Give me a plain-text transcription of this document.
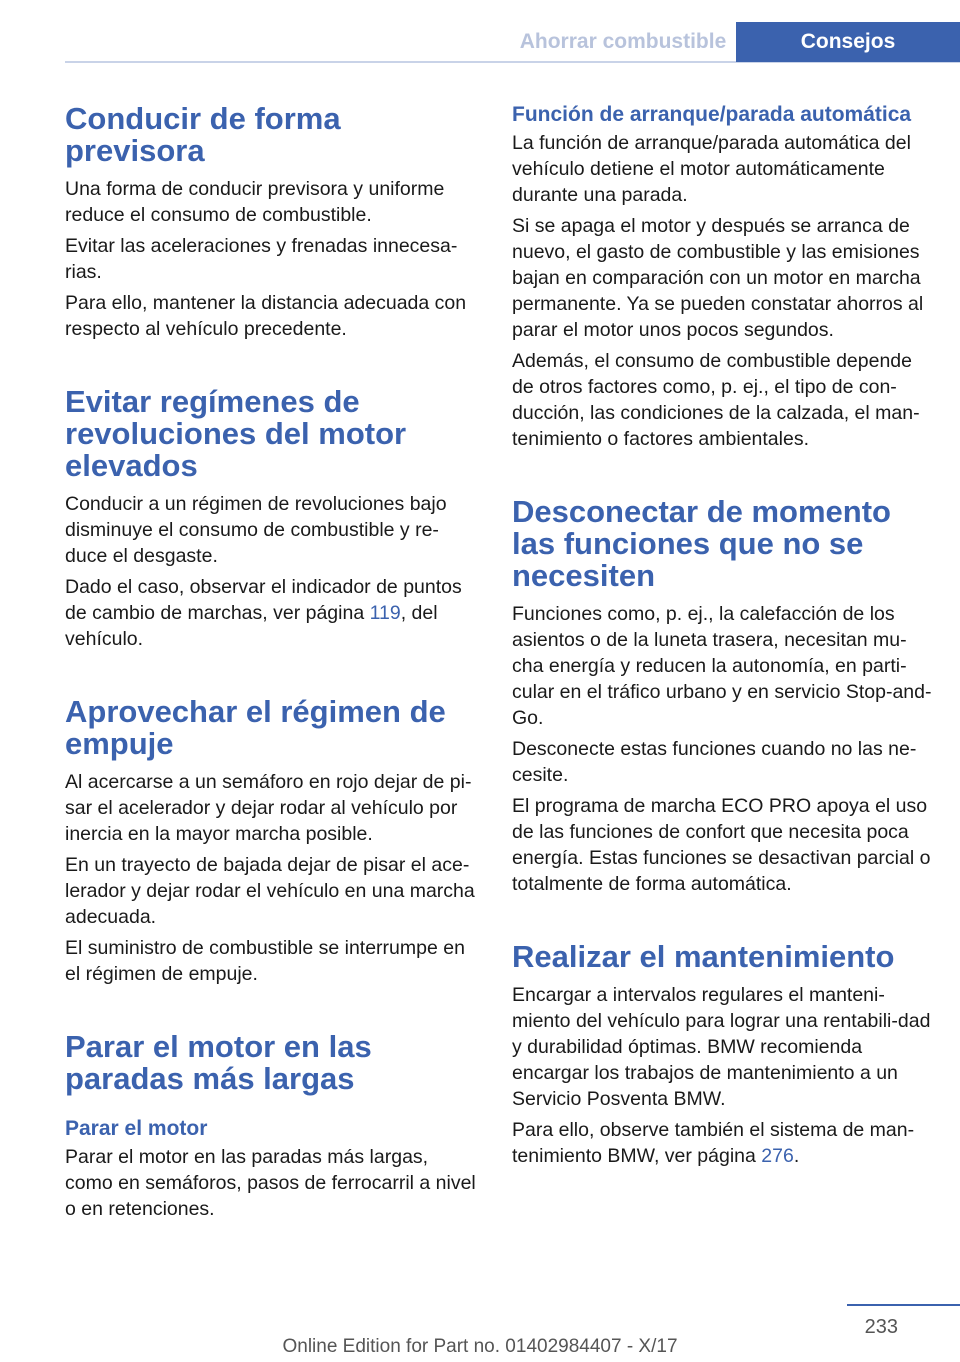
Ahorrar combustible	Consejos
Conducir de forma previsora

Una forma de conducir previsora y uniforme reduce el consumo de combustible.

Evitar las aceleraciones y frenadas innecesa‐rias.

Para ello, mantener la distancia adecuada con respecto al vehículo precedente.

Evitar regímenes de revoluciones del motor elevados

Conducir a un régimen de revoluciones bajo disminuye el consumo de combustible y re‐duce el desgaste.

Dado el caso, observar el indicador de puntos de cambio de marchas, ver página 119, del vehículo.

Aprovechar el régimen de empuje

Al acercarse a un semáforo en rojo dejar de pi‐sar el acelerador y dejar rodar al vehículo por inercia en la mayor marcha posible.

En un trayecto de bajada dejar de pisar el ace‐lerador y dejar rodar el vehículo en una marcha adecuada.

El suministro de combustible se interrumpe en el régimen de empuje.

Parar el motor en las paradas más largas
Parar el motor

Parar el motor en las paradas más largas, como en semáforos, pasos de ferrocarril a nivel o en retenciones.

Función de arranque/parada automática

La función de arranque/parada automática del vehículo detiene el motor automáticamente durante una parada.

Si se apaga el motor y después se arranca de nuevo, el gasto de combustible y las emisiones bajan en comparación con un motor en marcha permanente. Ya se pueden constatar ahorros al parar el motor unos pocos segundos.

Además, el consumo de combustible depende de otros factores como, p. ej., el tipo de con‐ducción, las condiciones de la calzada, el man‐tenimiento o factores ambientales.

Desconectar de momento las funciones que no se necesiten

Funciones como, p. ej., la calefacción de los asientos o de la luneta trasera, necesitan mu‐cha energía y reducen la autonomía, en parti‐cular en el tráfico urbano y en servicio Stop-and-Go.

Desconecte estas funciones cuando no las ne‐cesite.

El programa de marcha ECO PRO apoya el uso de las funciones de confort que necesita poca energía. Estas funciones se desactivan parcial o totalmente de forma automática.

Realizar el mantenimiento

Encargar a intervalos regulares el manteni‐miento del vehículo para lograr una rentabili‐dad y durabilidad óptimas. BMW recomienda encargar los trabajos de mantenimiento a un Servicio Posventa BMW.

Para ello, observe también el sistema de man‐tenimiento BMW, ver página 276.

233
Online Edition for Part no. 01402984407 - X/17
